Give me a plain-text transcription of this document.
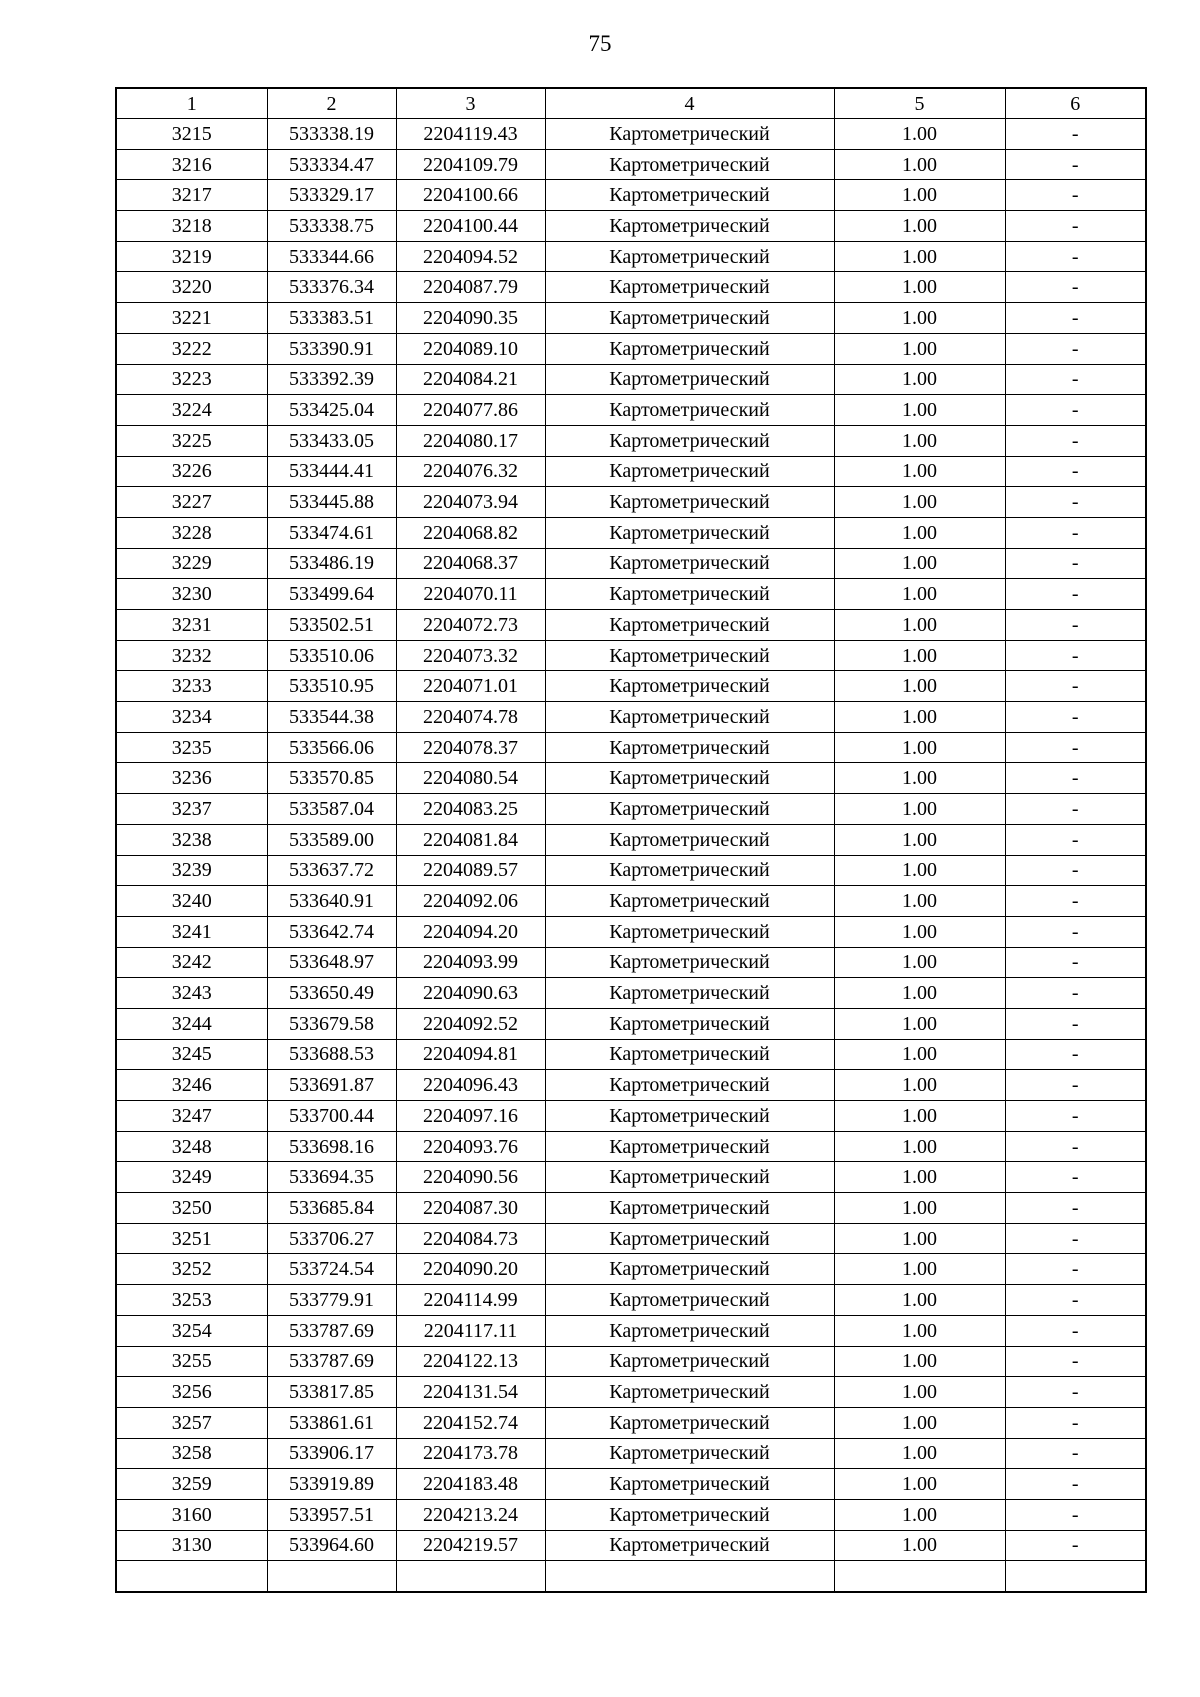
75
1	2	3	4	5	6
3215	533338.19	2204119.43	Картометрический	1.00	-
3216	533334.47	2204109.79	Картометрический	1.00	-
3217	533329.17	2204100.66	Картометрический	1.00	-
3218	533338.75	2204100.44	Картометрический	1.00	-
3219	533344.66	2204094.52	Картометрический	1.00	-
3220	533376.34	2204087.79	Картометрический	1.00	-
3221	533383.51	2204090.35	Картометрический	1.00	-
3222	533390.91	2204089.10	Картометрический	1.00	-
3223	533392.39	2204084.21	Картометрический	1.00	-
3224	533425.04	2204077.86	Картометрический	1.00	-
3225	533433.05	2204080.17	Картометрический	1.00	-
3226	533444.41	2204076.32	Картометрический	1.00	-
3227	533445.88	2204073.94	Картометрический	1.00	-
3228	533474.61	2204068.82	Картометрический	1.00	-
3229	533486.19	2204068.37	Картометрический	1.00	-
3230	533499.64	2204070.11	Картометрический	1.00	-
3231	533502.51	2204072.73	Картометрический	1.00	-
3232	533510.06	2204073.32	Картометрический	1.00	-
3233	533510.95	2204071.01	Картометрический	1.00	-
3234	533544.38	2204074.78	Картометрический	1.00	-
3235	533566.06	2204078.37	Картометрический	1.00	-
3236	533570.85	2204080.54	Картометрический	1.00	-
3237	533587.04	2204083.25	Картометрический	1.00	-
3238	533589.00	2204081.84	Картометрический	1.00	-
3239	533637.72	2204089.57	Картометрический	1.00	-
3240	533640.91	2204092.06	Картометрический	1.00	-
3241	533642.74	2204094.20	Картометрический	1.00	-
3242	533648.97	2204093.99	Картометрический	1.00	-
3243	533650.49	2204090.63	Картометрический	1.00	-
3244	533679.58	2204092.52	Картометрический	1.00	-
3245	533688.53	2204094.81	Картометрический	1.00	-
3246	533691.87	2204096.43	Картометрический	1.00	-
3247	533700.44	2204097.16	Картометрический	1.00	-
3248	533698.16	2204093.76	Картометрический	1.00	-
3249	533694.35	2204090.56	Картометрический	1.00	-
3250	533685.84	2204087.30	Картометрический	1.00	-
3251	533706.27	2204084.73	Картометрический	1.00	-
3252	533724.54	2204090.20	Картометрический	1.00	-
3253	533779.91	2204114.99	Картометрический	1.00	-
3254	533787.69	2204117.11	Картометрический	1.00	-
3255	533787.69	2204122.13	Картометрический	1.00	-
3256	533817.85	2204131.54	Картометрический	1.00	-
3257	533861.61	2204152.74	Картометрический	1.00	-
3258	533906.17	2204173.78	Картометрический	1.00	-
3259	533919.89	2204183.48	Картометрический	1.00	-
3160	533957.51	2204213.24	Картометрический	1.00	-
3130	533964.60	2204219.57	Картометрический	1.00	-
